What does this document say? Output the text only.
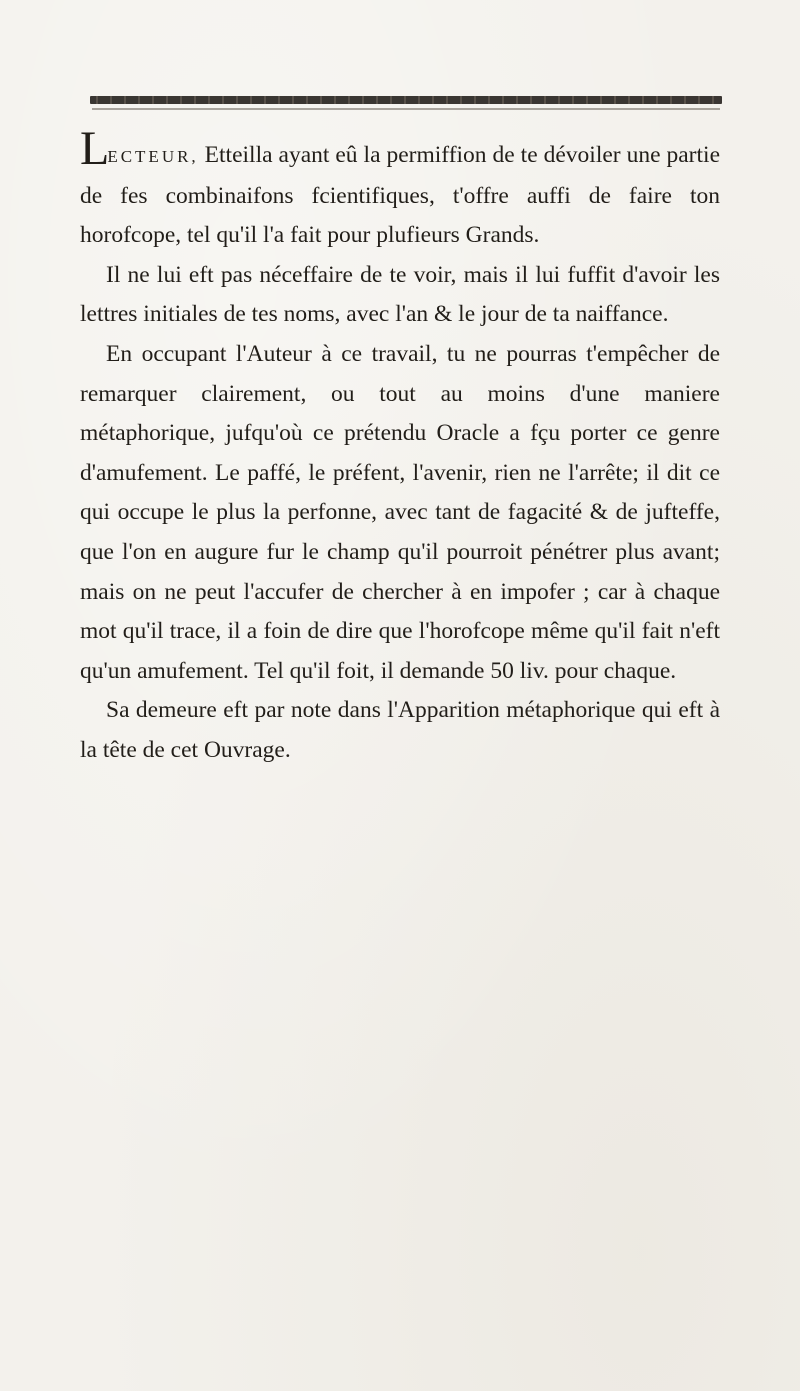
LECTEUR, Etteilla ayant eû la permiffion de te dévoiler une partie de fes combinaifons fcientifiques, t'offre auffi de faire ton horofcope, tel qu'il l'a fait pour plufieurs Grands.

Il ne lui eft pas néceffaire de te voir, mais il lui fuffit d'avoir les lettres initiales de tes noms, avec l'an & le jour de ta naiffance.

En occupant l'Auteur à ce travail, tu ne pourras t'empêcher de remarquer clairement, ou tout au moins d'une maniere métaphorique, jufqu'où ce prétendu Oracle a fçu porter ce genre d'amufement. Le paffé, le préfent, l'avenir, rien ne l'arrête; il dit ce qui occupe le plus la perfonne, avec tant de fagacité & de jufteffe, que l'on en augure fur le champ qu'il pourroit pénétrer plus avant; mais on ne peut l'accufer de chercher à en impofer ; car à chaque mot qu'il trace, il a foin de dire que l'horofcope même qu'il fait n'eft qu'un amufement. Tel qu'il foit, il demande 50 liv. pour chaque.

Sa demeure eft par note dans l'Apparition métaphorique qui eft à la tête de cet Ouvrage.
